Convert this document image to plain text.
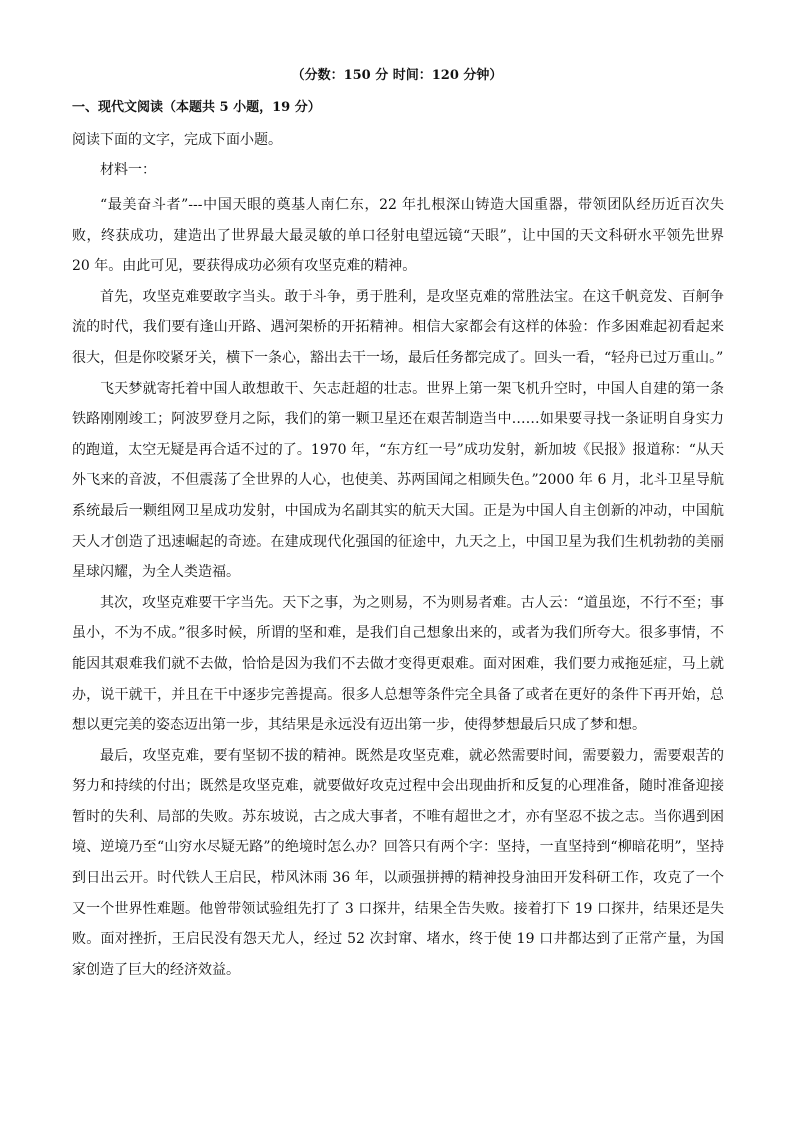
（分数：150 分 时间：120 分钟）
一、现代文阅读（本题共 5 小题，19 分）
阅读下面的文字，完成下面小题。
材料一：

“最美奋斗者”---中国天眼的奠基人南仁东，22 年扎根深山铸造大国重器，带领团队经历近百次失败，终获成功，建造出了世界最大最灵敏的单口径射电望远镜“天眼”，让中国的天文科研水平领先世界 20 年。由此可见，要获得成功必须有攻坚克难的精神。

首先，攻坚克难要敢字当头。敢于斗争，勇于胜利，是攻坚克难的常胜法宝。在这千帆竞发、百舸争流的时代，我们要有逢山开路、遇河架桥的开拓精神。相信大家都会有这样的体验：作多困难起初看起来很大，但是你咬紧牙关，横下一条心，豁出去干一场，最后任务都完成了。回头一看，“轻舟已过万重山。”

飞天梦就寄托着中国人敢想敢干、矢志赶超的壮志。世界上第一架飞机升空时，中国人自建的第一条铁路刚刚竣工；阿波罗登月之际，我们的第一颗卫星还在艰苦制造当中……如果要寻找一条证明自身实力的跑道，太空无疑是再合适不过的了。1970 年，“东方红一号”成功发射，新加坡《民报》报道称：“从天外飞来的音波，不但震荡了全世界的人心，也使美、苏两国闻之相顾失色。”2000 年 6 月，北斗卫星导航系统最后一颗组网卫星成功发射，中国成为名副其实的航天大国。正是为中国人自主创新的冲动，中国航天人才创造了迅速崛起的奇迹。在建成现代化强国的征途中，九天之上，中国卫星为我们生机勃勃的美丽星球闪耀，为全人类造福。

其次，攻坚克难要干字当先。天下之事，为之则易，不为则易者难。古人云：“道虽迩，不行不至；事虽小，不为不成。”很多时候，所谓的坚和难，是我们自己想象出来的，或者为我们所夸大。很多事情，不能因其艰难我们就不去做，恰恰是因为我们不去做才变得更艰难。面对困难，我们要力戒拖延症，马上就办，说干就干，并且在干中逐步完善提高。很多人总想等条件完全具备了或者在更好的条件下再开始，总想以更完美的姿态迈出第一步，其结果是永远没有迈出第一步，使得梦想最后只成了梦和想。

最后，攻坚克难，要有坚韧不拔的精神。既然是攻坚克难，就必然需要时间，需要毅力，需要艰苦的努力和持续的付出；既然是攻坚克难，就要做好攻克过程中会出现曲折和反复的心理准备，随时准备迎接暂时的失利、局部的失败。苏东坡说，古之成大事者，不唯有超世之才，亦有坚忍不拔之志。当你遇到困境、逆境乃至“山穷水尽疑无路”的绝境时怎么办？回答只有两个字：坚持，一直坚持到“柳暗花明”，坚持到日出云开。时代铁人王启民，栉风沐雨 36 年，以顽强拼搏的精神投身油田开发科研工作，攻克了一个又一个世界性难题。他曾带领试验组先打了 3 口探井，结果全告失败。接着打下 19 口探井，结果还是失败。面对挫折，王启民没有怨天尤人，经过 52 次封窜、堵水，终于使 19 口井都达到了正常产量，为国家创造了巨大的经济效益。
